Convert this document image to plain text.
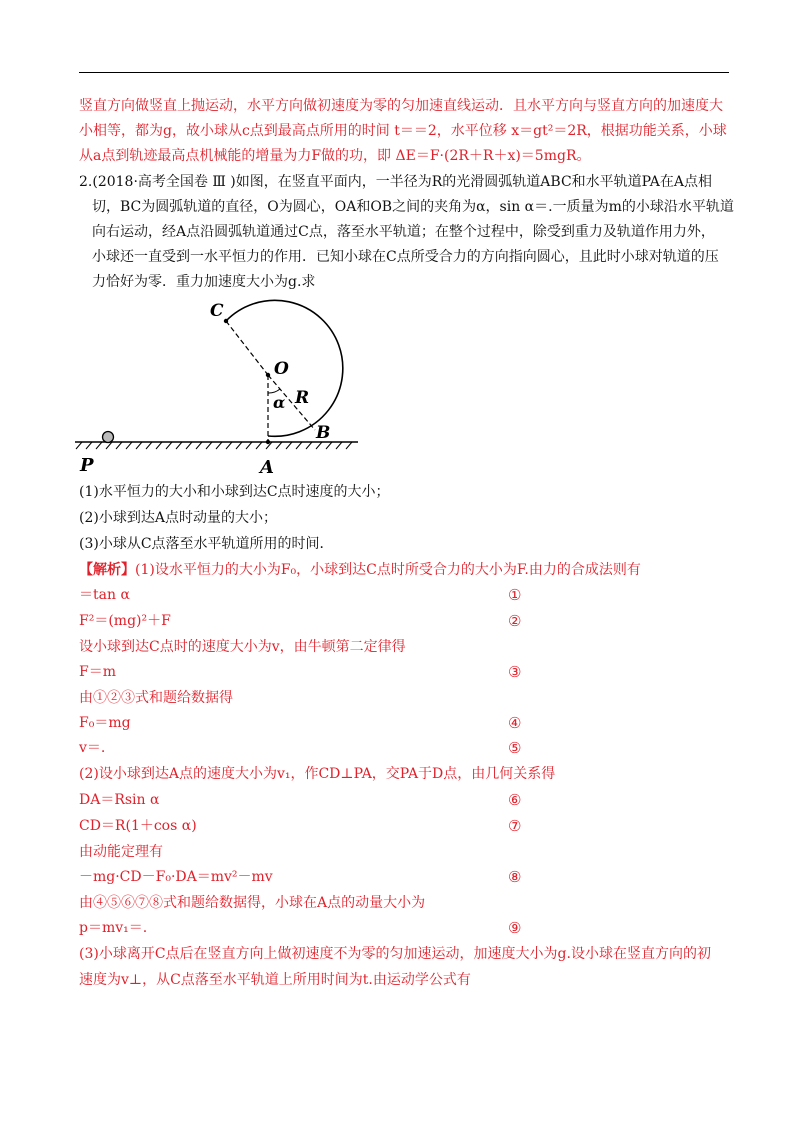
竖直方向做竖直上抛运动，水平方向做初速度为零的匀加速直线运动．且水平方向与竖直方向的加速度大
小相等，都为g，故小球从c点到最高点所用的时间 t＝＝2，水平位移 x＝gt²＝2R，根据功能关系，小球
从a点到轨迹最高点机械能的增量为力F做的功，即 ΔE＝F·(2R＋R＋x)＝5mgR。
2.(2018·高考全国卷 Ⅲ )如图，在竖直平面内，一半径为R的光滑圆弧轨道ABC和水平轨道PA在A点相
切，BC为圆弧轨道的直径，O为圆心，OA和OB之间的夹角为α，sin α＝.一质量为m的小球沿水平轨道
向右运动，经A点沿圆弧轨道通过C点，落至水平轨道；在整个过程中，除受到重力及轨道作用力外，
小球还一直受到一水平恒力的作用．已知小球在C点所受合力的方向指向圆心，且此时小球对轨道的压
力恰好为零．重力加速度大小为g.求
C
O
α R
B
P	A
(1)水平恒力的大小和小球到达C点时速度的大小；
(2)小球到达A点时动量的大小；
(3)小球从C点落至水平轨道所用的时间．
【解析】(1)设水平恒力的大小为F₀，小球到达C点时所受合力的大小为F.由力的合成法则有
＝tan α	①
F²＝(mg)²＋F	②
设小球到达C点时的速度大小为v，由牛顿第二定律得
F＝m	③
由①②③式和题给数据得
F₀＝mg	④
v＝.	⑤
(2)设小球到达A点的速度大小为v₁，作CD⊥PA，交PA于D点，由几何关系得
DA＝Rsin α	⑥
CD＝R(1＋cos α)	⑦
由动能定理有
－mg·CD－F₀·DA＝mv²－mv	⑧
由④⑤⑥⑦⑧式和题给数据得，小球在A点的动量大小为
p＝mv₁＝.	⑨
(3)小球离开C点后在竖直方向上做初速度不为零的匀加速运动，加速度大小为g.设小球在竖直方向的初
速度为v⊥，从C点落至水平轨道上所用时间为t.由运动学公式有
